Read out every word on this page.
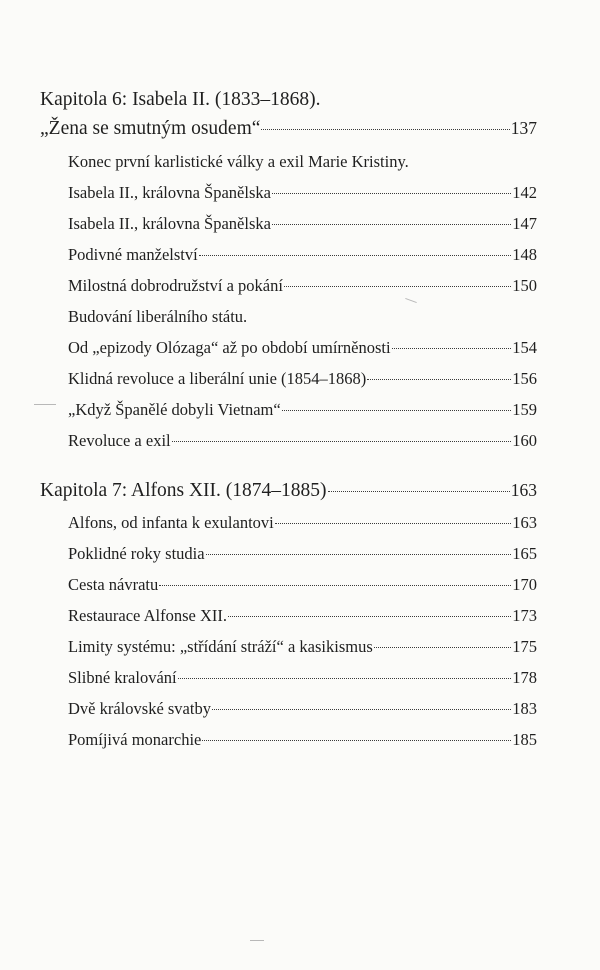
Kapitola 6: Isabela II. (1833–1868).
„Žena se smutným osudem“	137
Konec první karlistické války a exil Marie Kristiny.
Isabela II., královna Španělska	142
Isabela II., královna Španělska	147
Podivné manželství	148
Milostná dobrodružství a pokání	150
Budování liberálního státu.
Od „epizody Olózaga“ až po období umírněnosti	154
Klidná revoluce a liberální unie (1854–1868)	156
„Když Španělé dobyli Vietnam“	159
Revoluce a exil	160
Kapitola 7: Alfons XII. (1874–1885)	163
Alfons, od infanta k exulantovi	163
Poklidné roky studia	165
Cesta návratu	170
Restaurace Alfonse XII.	173
Limity systému: „střídání stráží“ a kasikismus	175
Slibné kralování	178
Dvě královské svatby	183
Pomíjivá monarchie	185
